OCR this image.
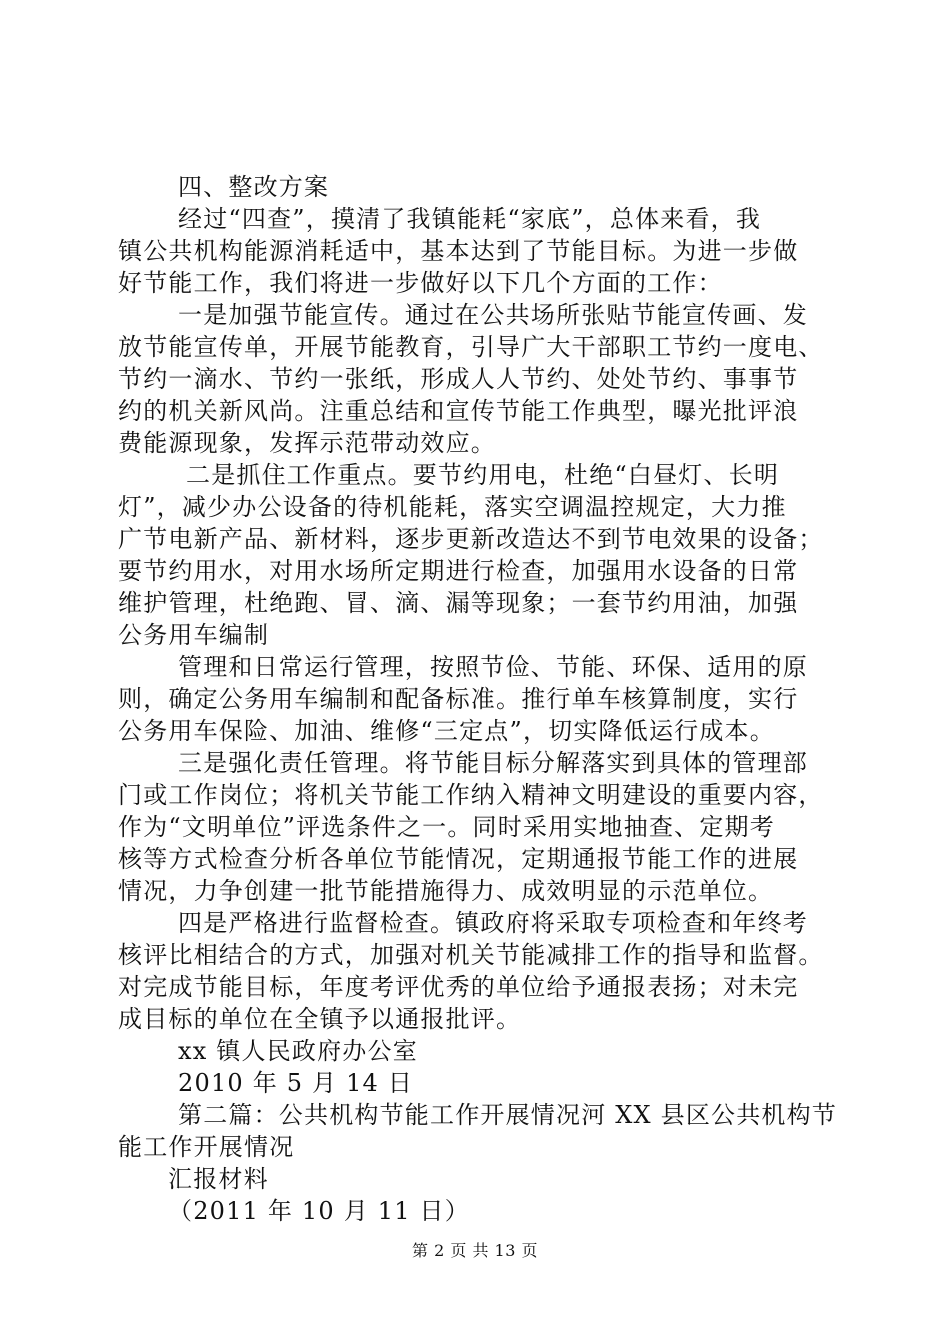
四、整改方案

经过“四查”，摸清了我镇能耗“家底”，总体来看，我

镇公共机构能源消耗适中，基本达到了节能目标。为进一步做

好节能工作，我们将进一步做好以下几个方面的工作：

一是加强节能宣传。通过在公共场所张贴节能宣传画、发

放节能宣传单，开展节能教育，引导广大干部职工节约一度电、

节约一滴水、节约一张纸，形成人人节约、处处节约、事事节

约的机关新风尚。注重总结和宣传节能工作典型，曝光批评浪

费能源现象，发挥示范带动效应。

二是抓住工作重点。要节约用电，杜绝“白昼灯、长明

灯”，减少办公设备的待机能耗，落实空调温控规定，大力推

广节电新产品、新材料，逐步更新改造达不到节电效果的设备；

要节约用水，对用水场所定期进行检查，加强用水设备的日常

维护管理，杜绝跑、冒、滴、漏等现象；一套节约用油，加强

公务用车编制

管理和日常运行管理，按照节俭、节能、环保、适用的原

则，确定公务用车编制和配备标准。推行单车核算制度，实行

公务用车保险、加油、维修“三定点”，切实降低运行成本。

三是强化责任管理。将节能目标分解落实到具体的管理部

门或工作岗位；将机关节能工作纳入精神文明建设的重要内容，

作为“文明单位”评选条件之一。同时采用实地抽查、定期考

核等方式检查分析各单位节能情况，定期通报节能工作的进展

情况，力争创建一批节能措施得力、成效明显的示范单位。

四是严格进行监督检查。镇政府将采取专项检查和年终考

核评比相结合的方式，加强对机关节能减排工作的指导和监督。

对完成节能目标，年度考评优秀的单位给予通报表扬；对未完

成目标的单位在全镇予以通报批评。

xx 镇人民政府办公室

2010 年 5 月 14 日

第二篇：公共机构节能工作开展情况河 XX 县区公共机构节

能工作开展情况

汇报材料

（2011 年 10 月 11 日）

第 2 页 共 13 页
